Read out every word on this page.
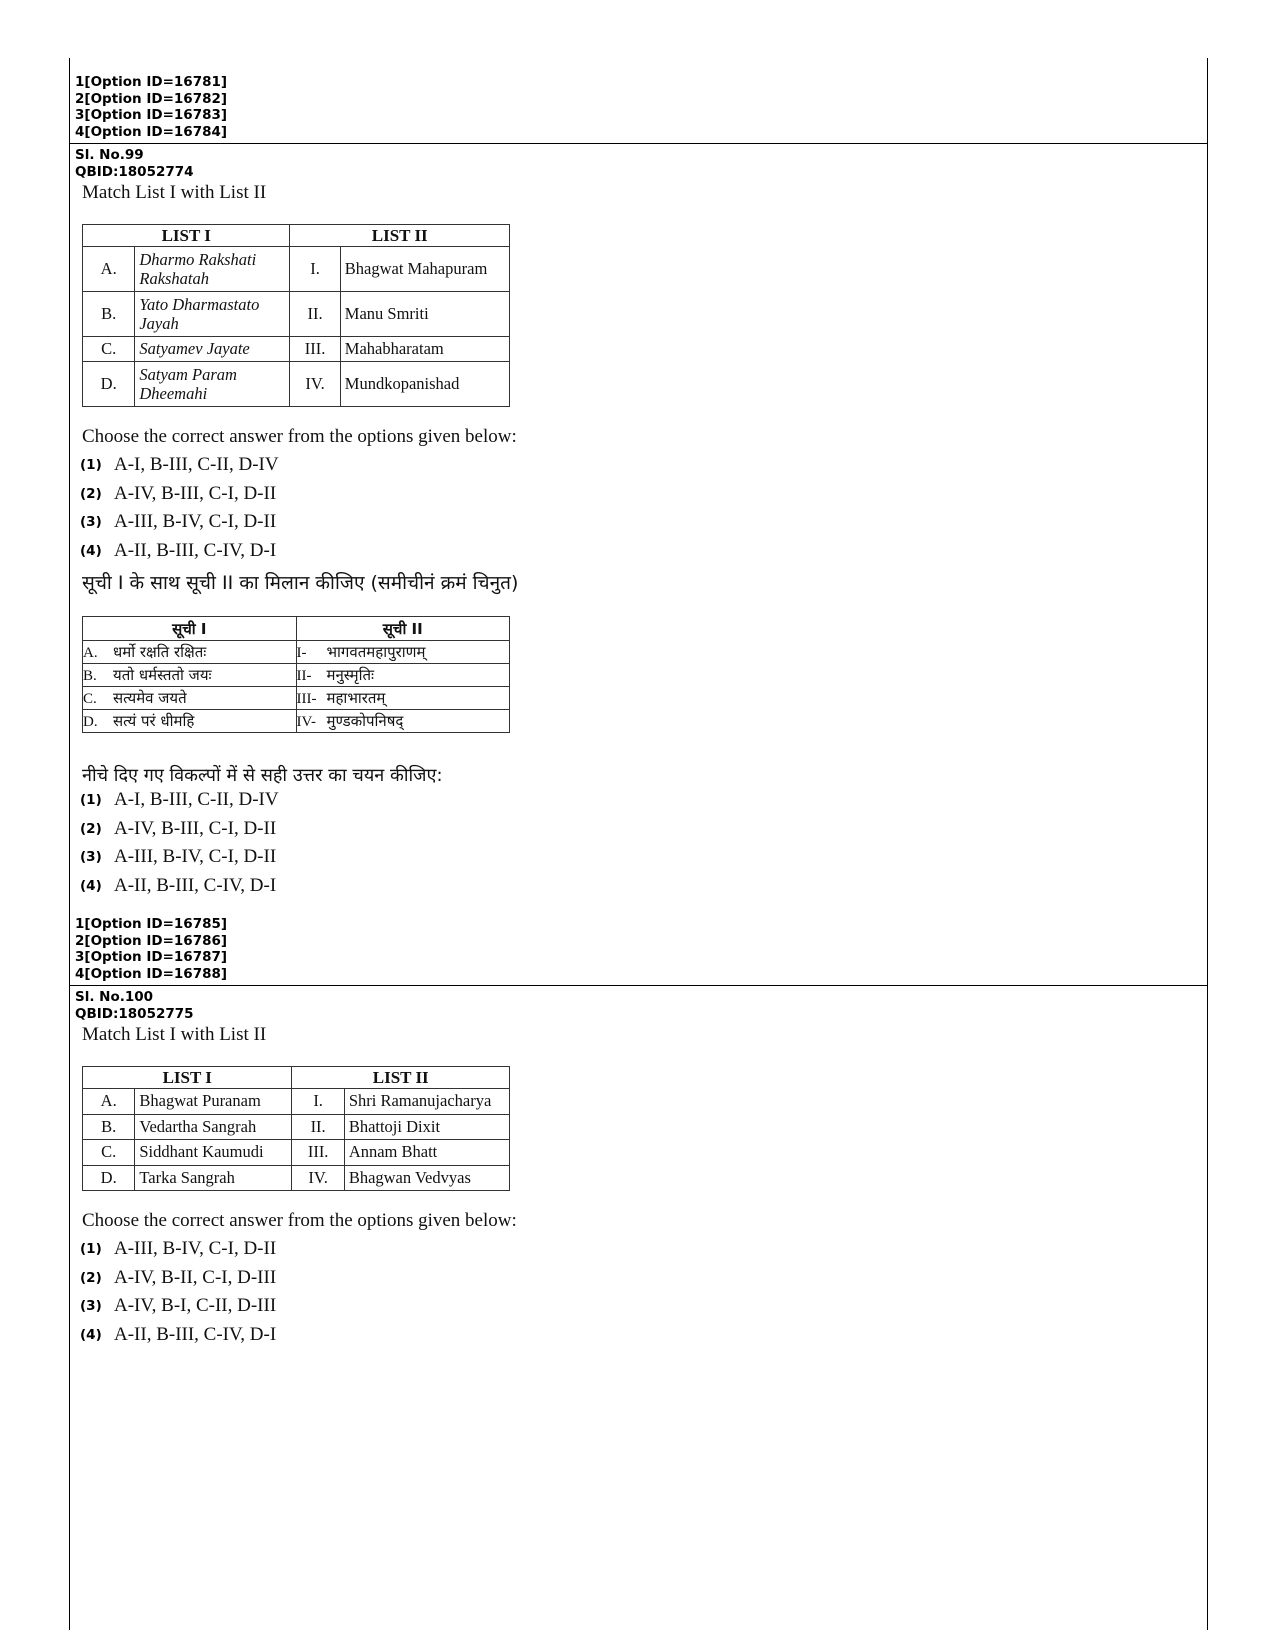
1[Option ID=16781]
2[Option ID=16782]
3[Option ID=16783]
4[Option ID=16784]
Sl. No.99
QBID:18052774
Match List I with List II
LIST I		LIST II	
A.	Dharmo Rakshati Rakshatah	I.	Bhagwat Mahapuram
B.	Yato Dharmastato Jayah	II.	Manu Smriti
C.	Satyamev Jayate	III.	Mahabharatam
D.	Satyam Param Dheemahi	IV.	Mundkopanishad
Choose the correct answer from the options given below:
(1) A-I, B-III, C-II, D-IV
(2) A-IV, B-III, C-I, D-II
(3) A-III, B-IV, C-I, D-II
(4) A-II, B-III, C-IV, D-I
सूची I के साथ सूची II का मिलान कीजिए (समीचीनं क्रमं चिनुत)
सूची I	सूची II
A. धर्मो रक्षति रक्षितः	I- भागवतमहापुराणम्
B. यतो धर्मस्ततो जयः	II- मनुस्मृतिः
C. सत्यमेव जयते	III- महाभारतम्
D. सत्यं परं धीमहि	IV- मुण्डकोपनिषद्
नीचे दिए गए विकल्पों में से सही उत्तर का चयन कीजिए:
(1) A-I, B-III, C-II, D-IV
(2) A-IV, B-III, C-I, D-II
(3) A-III, B-IV, C-I, D-II
(4) A-II, B-III, C-IV, D-I
1[Option ID=16785]
2[Option ID=16786]
3[Option ID=16787]
4[Option ID=16788]
Sl. No.100
QBID:18052775
Match List I with List II
LIST I		LIST II	
A.	Bhagwat Puranam	I.	Shri Ramanujacharya
B.	Vedartha Sangrah	II.	Bhattoji Dixit
C.	Siddhant Kaumudi	III.	Annam Bhatt
D.	Tarka Sangrah	IV.	Bhagwan Vedvyas
Choose the correct answer from the options given below:
(1) A-III, B-IV, C-I, D-II
(2) A-IV, B-II, C-I, D-III
(3) A-IV, B-I, C-II, D-III
(4) A-II, B-III, C-IV, D-I
